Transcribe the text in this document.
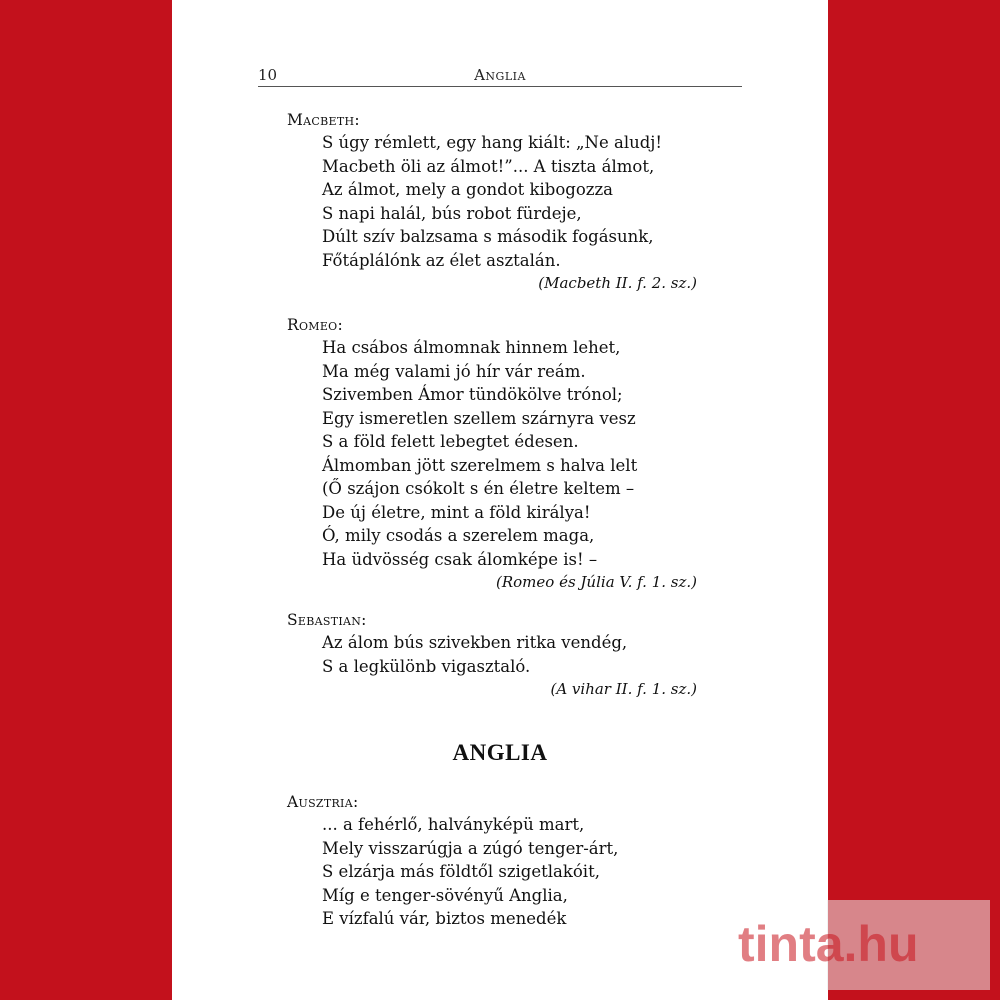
10	Anglia
Macbeth:
S úgy rémlett, egy hang kiált: „Ne aludj!
Macbeth öli az álmot!”... A tiszta álmot,
Az álmot, mely a gondot kibogozza
S napi halál, bús robot fürdeje,
Dúlt szív balzsama s második fogásunk,
Főtáplálónk az élet asztalán.
(Macbeth II. f. 2. sz.)
Romeo:
Ha csábos álmomnak hinnem lehet,
Ma még valami jó hír vár reám.
Szivemben Ámor tündökölve trónol;
Egy ismeretlen szellem szárnyra vesz
S a föld felett lebegtet édesen.
Álmomban jött szerelmem s halva lelt
(Ő szájon csókolt s én életre keltem –
De új életre, mint a föld királya!
Ó, mily csodás a szerelem maga,
Ha üdvösség csak álomképe is! –
(Romeo és Júlia V. f. 1. sz.)
Sebastian:
Az álom bús szivekben ritka vendég,
S a legkülönb vigasztaló.
(A vihar II. f. 1. sz.)
ANGLIA
Ausztria:
... a fehérlő, halványképü mart,
Mely visszarúgja a zúgó tenger-árt,
S elzárja más földtől szigetlakóit,
Míg e tenger-sövényű Anglia,
E vízfalú vár, biztos menedék	tinta.hu
